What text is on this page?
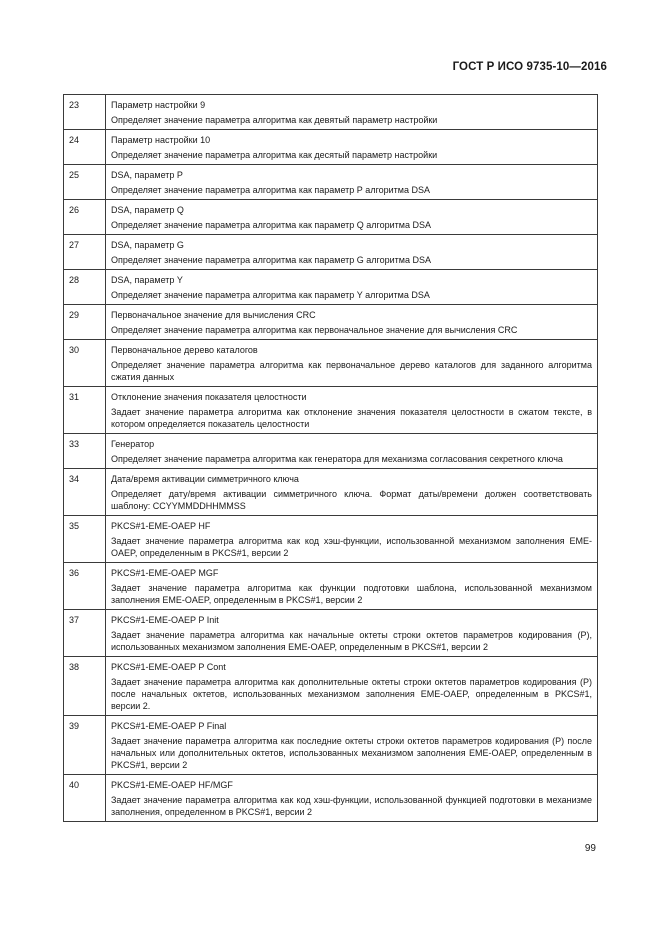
ГОСТ Р ИСО 9735-10—2016
23	Параметр настройки 9
Определяет значение параметра алгоритма как девятый параметр настройки

24	Параметр настройки 10
Определяет значение параметра алгоритма как десятый параметр настройки

25	DSA, параметр Р
Определяет значение параметра алгоритма как параметр Р алгоритма DSA

26	DSA, параметр Q
Определяет значение параметра алгоритма как параметр Q алгоритма DSA

27	DSA, параметр G
Определяет значение параметра алгоритма как параметр G алгоритма DSA

28	DSA, параметр Y
Определяет значение параметра алгоритма как параметр Y алгоритма DSA

29	Первоначальное значение для вычисления CRC
Определяет значение параметра алгоритма как первоначальное значение для вычисления CRC

30	Первоначальное дерево каталогов
Определяет значение параметра алгоритма как первоначальное дерево каталогов для заданного алгоритма сжатия данных

31	Отклонение значения показателя целостности
Задает значение параметра алгоритма как отклонение значения показателя целостности в сжатом тексте, в котором определяется показатель целостности

33	Генератор
Определяет значение параметра алгоритма как генератора для механизма согласования секретного ключа

34	Дата/время активации симметричного ключа
Определяет дату/время активации симметричного ключа. Формат даты/времени должен соответствовать шаблону: CCYYMMDDHHMMSS

35	PKCS#1-EME-OAEP HF
Задает значение параметра алгоритма как код хэш-функции, использованной механизмом заполнения EME-OAEP, определенным в PKCS#1, версии 2

36	PKCS#1-EME-OAEP MGF
Задает значение параметра алгоритма как функции подготовки шаблона, использованной механизмом заполнения EME-OAEP, определенным в PKCS#1, версии 2

37	PKCS#1-EME-OAEP P Init
Задает значение параметра алгоритма как начальные октеты строки октетов параметров кодирования (Р), использованных механизмом заполнения EME-OAEP, определенным в PKCS#1, версии 2

38	PKCS#1-EME-OAEP P Cont
Задает значение параметра алгоритма как дополнительные октеты строки октетов параметров кодирования (Р) после начальных октетов, использованных механизмом заполнения EME-OAEP, определенным в PKCS#1, версии 2.

39	PKCS#1-EME-OAEP P Final
Задает значение параметра алгоритма как последние октеты строки октетов параметров кодирования (Р) после начальных или дополнительных октетов, использованных механизмом заполнения EME-OAEP, определенным в PKCS#1, версии 2

40	PKCS#1-EME-OAEP HF/MGF
Задает значение параметра алгоритма как код хэш-функции, использованной функцией подготовки в механизме заполнения, определенном в PKCS#1, версии 2
99
